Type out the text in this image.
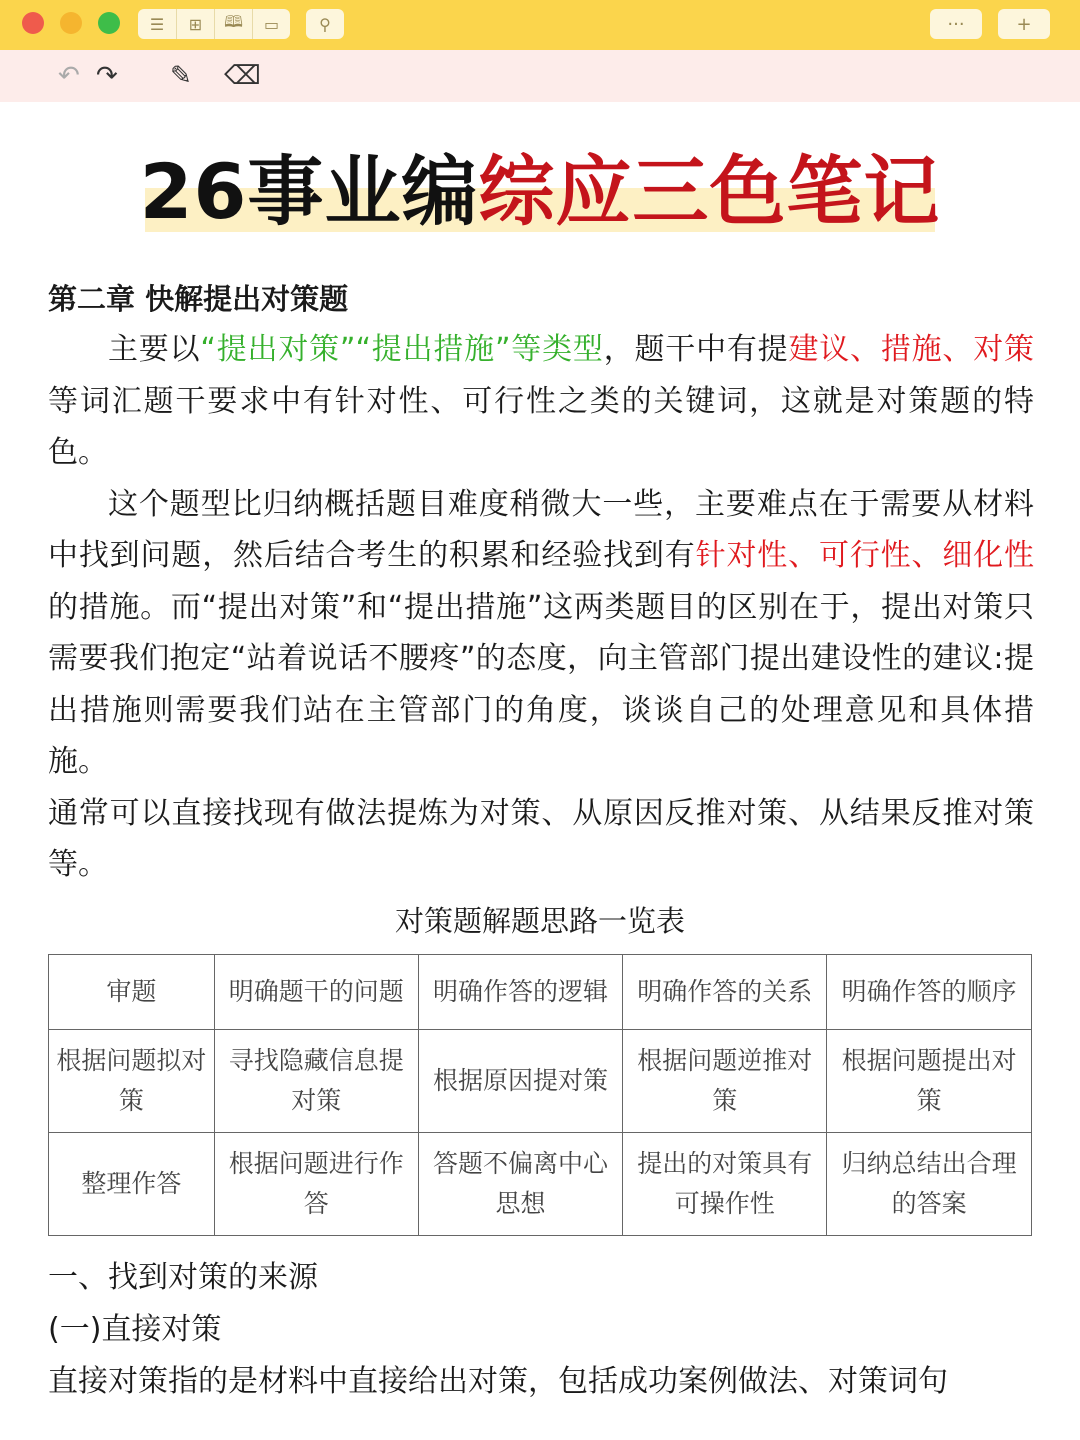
☰	⊞	🕮	▭	⚲	···	+
↶ ↷ ✎ ⌫
26事业编综应三色笔记
第二章 快解提出对策题

主要以“提出对策”“提出措施”等类型，题干中有提建议、措施、对策等词汇题干要求中有针对性、可行性之类的关键词，这就是对策题的特色。

这个题型比归纳概括题目难度稍微大一些，主要难点在于需要从材料中找到问题，然后结合考生的积累和经验找到有针对性、可行性、细化性的措施。而“提出对策”和“提出措施”这两类题目的区别在于，提出对策只需要我们抱定“站着说话不腰疼”的态度，向主管部门提出建设性的建议:提出措施则需要我们站在主管部门的角度，谈谈自己的处理意见和具体措施。

通常可以直接找现有做法提炼为对策、从原因反推对策、从结果反推对策等。

对策题解题思路一览表
审题	明确题干的问题	明确作答的逻辑	明确作答的关系	明确作答的顺序
根据问题拟对策	寻找隐藏信息提对策	根据原因提对策	根据问题逆推对策	根据问题提出对策
整理作答	根据问题进行作答	答题不偏离中心思想	提出的对策具有可操作性	归纳总结出合理的答案

一、找到对策的来源

(一)直接对策

直接对策指的是材料中直接给出对策，包括成功案例做法、对策词句
